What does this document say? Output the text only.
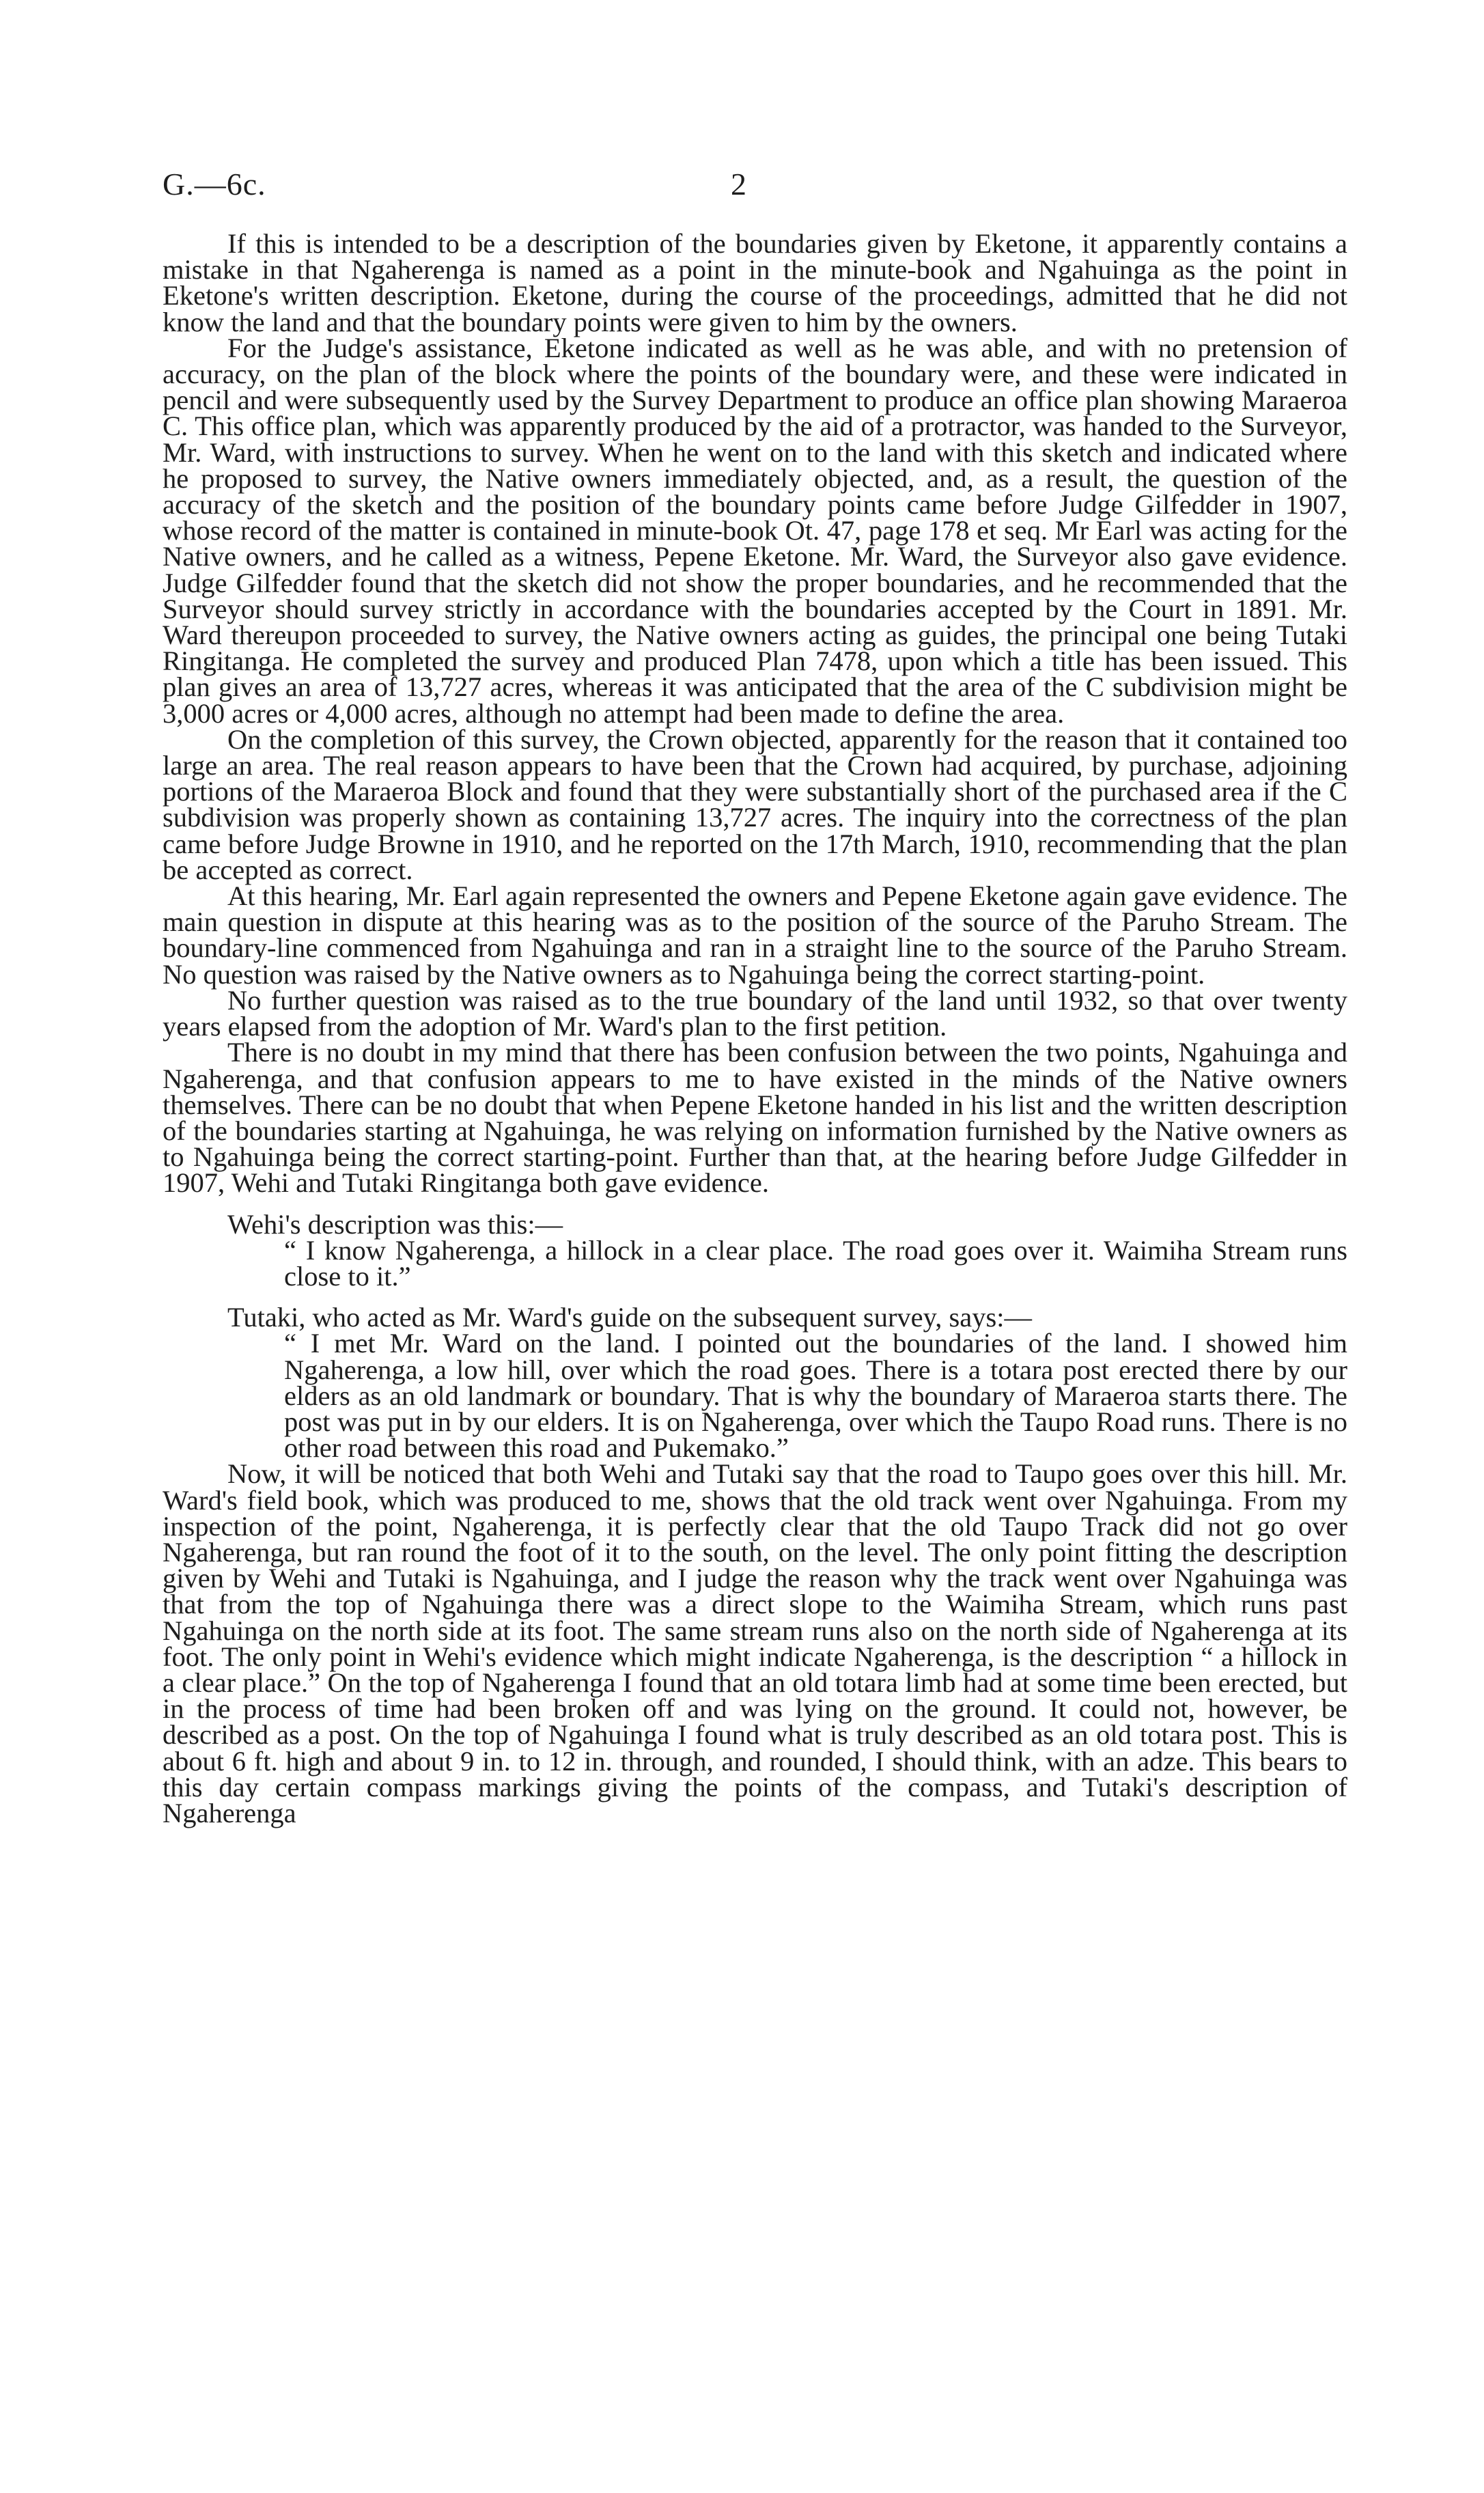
G.—6c.	2

If this is intended to be a description of the boundaries given by Eketone, it apparently contains a mistake in that Ngaherenga is named as a point in the minute-book and Ngahuinga as the point in Eketone's written description. Eketone, during the course of the proceedings, admitted that he did not know the land and that the boundary points were given to him by the owners.

For the Judge's assistance, Eketone indicated as well as he was able, and with no pretension of accuracy, on the plan of the block where the points of the boundary were, and these were indicated in pencil and were subsequently used by the Survey Department to produce an office plan showing Maraeroa C. This office plan, which was apparently produced by the aid of a protractor, was handed to the Surveyor, Mr. Ward, with instructions to survey. When he went on to the land with this sketch and indicated where he proposed to survey, the Native owners immediately objected, and, as a result, the question of the accuracy of the sketch and the position of the boundary points came before Judge Gilfedder in 1907, whose record of the matter is contained in minute-book Ot. 47, page 178 et seq. Mr Earl was acting for the Native owners, and he called as a witness, Pepene Eketone. Mr. Ward, the Surveyor also gave evidence. Judge Gilfedder found that the sketch did not show the proper boundaries, and he recommended that the Surveyor should survey strictly in accordance with the boundaries accepted by the Court in 1891. Mr. Ward thereupon proceeded to survey, the Native owners acting as guides, the principal one being Tutaki Ringitanga. He completed the survey and produced Plan 7478, upon which a title has been issued. This plan gives an area of 13,727 acres, whereas it was anticipated that the area of the C subdivision might be 3,000 acres or 4,000 acres, although no attempt had been made to define the area.

On the completion of this survey, the Crown objected, apparently for the reason that it contained too large an area. The real reason appears to have been that the Crown had acquired, by purchase, adjoining portions of the Maraeroa Block and found that they were substantially short of the purchased area if the C subdivision was properly shown as containing 13,727 acres. The inquiry into the correctness of the plan came before Judge Browne in 1910, and he reported on the 17th March, 1910, recommending that the plan be accepted as correct.

At this hearing, Mr. Earl again represented the owners and Pepene Eketone again gave evidence. The main question in dispute at this hearing was as to the position of the source of the Paruho Stream. The boundary-line commenced from Ngahuinga and ran in a straight line to the source of the Paruho Stream. No question was raised by the Native owners as to Ngahuinga being the correct starting-point.

No further question was raised as to the true boundary of the land until 1932, so that over twenty years elapsed from the adoption of Mr. Ward's plan to the first petition.

There is no doubt in my mind that there has been confusion between the two points, Ngahuinga and Ngaherenga, and that confusion appears to me to have existed in the minds of the Native owners themselves. There can be no doubt that when Pepene Eketone handed in his list and the written description of the boundaries starting at Ngahuinga, he was relying on information furnished by the Native owners as to Ngahuinga being the correct starting-point. Further than that, at the hearing before Judge Gilfedder in 1907, Wehi and Tutaki Ringitanga both gave evidence.

Wehi's description was this:—

“ I know Ngaherenga, a hillock in a clear place. The road goes over it. Waimiha Stream runs close to it.”

Tutaki, who acted as Mr. Ward's guide on the subsequent survey, says:—

“ I met Mr. Ward on the land. I pointed out the boundaries of the land. I showed him Ngaherenga, a low hill, over which the road goes. There is a totara post erected there by our elders as an old landmark or boundary. That is why the boundary of Maraeroa starts there. The post was put in by our elders. It is on Ngaherenga, over which the Taupo Road runs. There is no other road between this road and Pukemako.”

Now, it will be noticed that both Wehi and Tutaki say that the road to Taupo goes over this hill. Mr. Ward's field book, which was produced to me, shows that the old track went over Ngahuinga. From my inspection of the point, Ngaherenga, it is perfectly clear that the old Taupo Track did not go over Ngaherenga, but ran round the foot of it to the south, on the level. The only point fitting the description given by Wehi and Tutaki is Ngahuinga, and I judge the reason why the track went over Ngahuinga was that from the top of Ngahuinga there was a direct slope to the Waimiha Stream, which runs past Ngahuinga on the north side at its foot. The same stream runs also on the north side of Ngaherenga at its foot. The only point in Wehi's evidence which might indicate Ngaherenga, is the description “ a hillock in a clear place.” On the top of Ngaherenga I found that an old totara limb had at some time been erected, but in the process of time had been broken off and was lying on the ground. It could not, however, be described as a post. On the top of Ngahuinga I found what is truly described as an old totara post. This is about 6 ft. high and about 9 in. to 12 in. through, and rounded, I should think, with an adze. This bears to this day certain compass markings giving the points of the compass, and Tutaki's description of Ngaherenga
